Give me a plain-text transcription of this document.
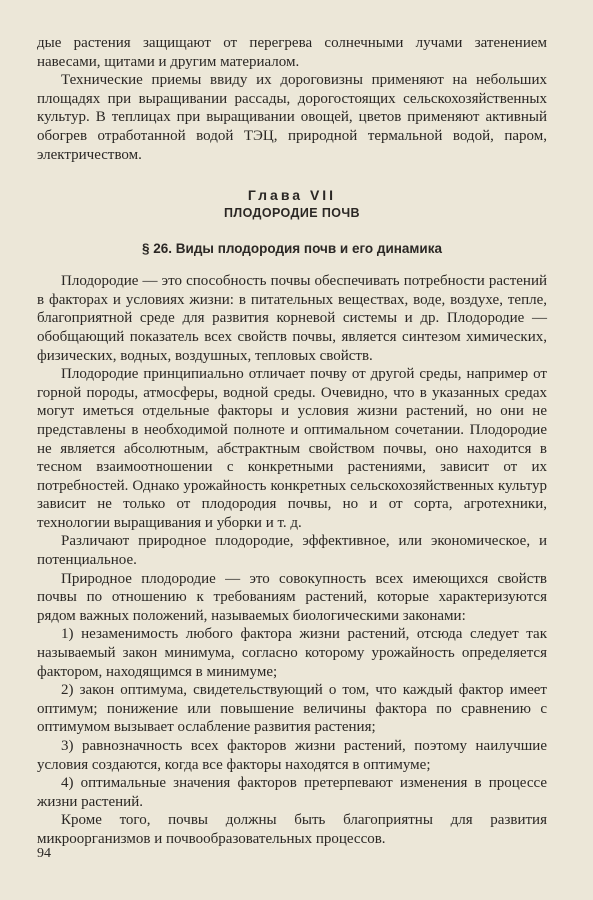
дые растения защищают от перегрева солнечными лучами затенением навесами, щитами и другим материалом.

Технические приемы ввиду их дороговизны применяют на небольших площадях при выращивании рассады, дорогостоящих сельскохозяйственных культур. В теплицах при выращивании овощей, цветов применяют активный обогрев отработанной водой ТЭЦ, природной термальной водой, паром, электричеством.

Глава VII
ПЛОДОРОДИЕ ПОЧВ
§ 26. Виды плодородия почв и его динамика

Плодородие — это способность почвы обеспечивать потребности растений в факторах и условиях жизни: в питательных веществах, воде, воздухе, тепле, благоприятной среде для развития корневой системы и др. Плодородие — обобщающий показатель всех свойств почвы, является синтезом химических, физических, водных, воздушных, тепловых свойств.

Плодородие принципиально отличает почву от другой среды, например от горной породы, атмосферы, водной среды. Очевидно, что в указанных средах могут иметься отдельные факторы и условия жизни растений, но они не представлены в необходимой полноте и оптимальном сочетании. Плодородие не является абсолютным, абстрактным свойством почвы, оно находится в тесном взаимоотношении с конкретными растениями, зависит от их потребностей. Однако урожайность конкретных сельскохозяйственных культур зависит не только от плодородия почвы, но и от сорта, агротехники, технологии выращивания и уборки и т. д.

Различают природное плодородие, эффективное, или экономическое, и потенциальное.

Природное плодородие — это совокупность всех имеющихся свойств почвы по отношению к требованиям растений, которые характеризуются рядом важных положений, называемых биологическими законами:

1) незаменимость любого фактора жизни растений, отсюда следует так называемый закон минимума, согласно которому урожайность определяется фактором, находящимся в минимуме;

2) закон оптимума, свидетельствующий о том, что каждый фактор имеет оптимум; понижение или повышение величины фактора по сравнению с оптимумом вызывает ослабление развития растения;

3) равнозначность всех факторов жизни растений, поэтому наилучшие условия создаются, когда все факторы находятся в оптимуме;

4) оптимальные значения факторов претерпевают изменения в процессе жизни растений.

Кроме того, почвы должны быть благоприятны для развития микроорганизмов и почвообразовательных процессов.

94
